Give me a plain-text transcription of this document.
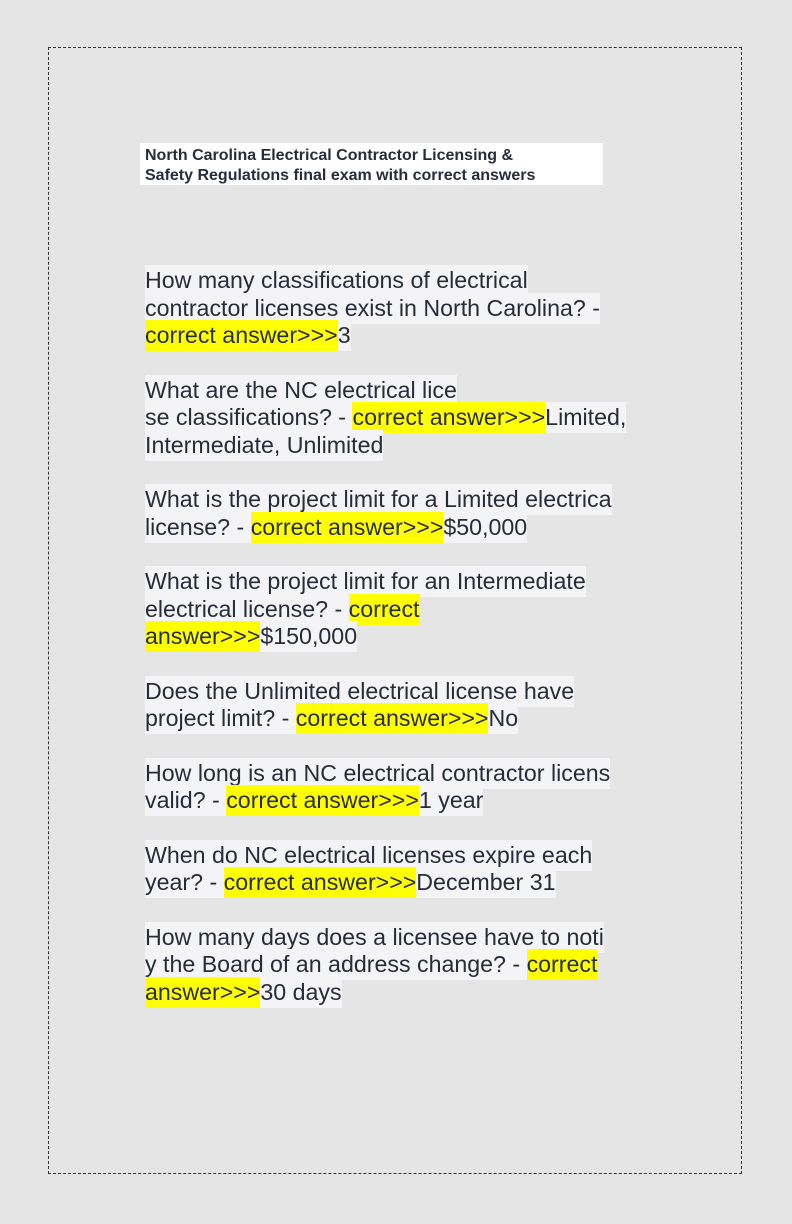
North Carolina Electrical Contractor Licensing &
Safety Regulations final exam with correct answers
How many classifications of electrical
contractor licenses exist in North Carolina? -
correct answer>>>3
What are the NC electrical lice
se classifications? - correct answer>>>Limited,
Intermediate, Unlimited
What is the project limit for a Limited electrica
license? - correct answer>>>$50,000
What is the project limit for an Intermediate
electrical license? - correct
answer>>>$150,000
Does the Unlimited electrical license have
project limit? - correct answer>>>No
How long is an NC electrical contractor licens
valid? - correct answer>>>1 year
When do NC electrical licenses expire each
year? - correct answer>>>December 31
How many days does a licensee have to noti
y the Board of an address change? - correct
answer>>>30 days
